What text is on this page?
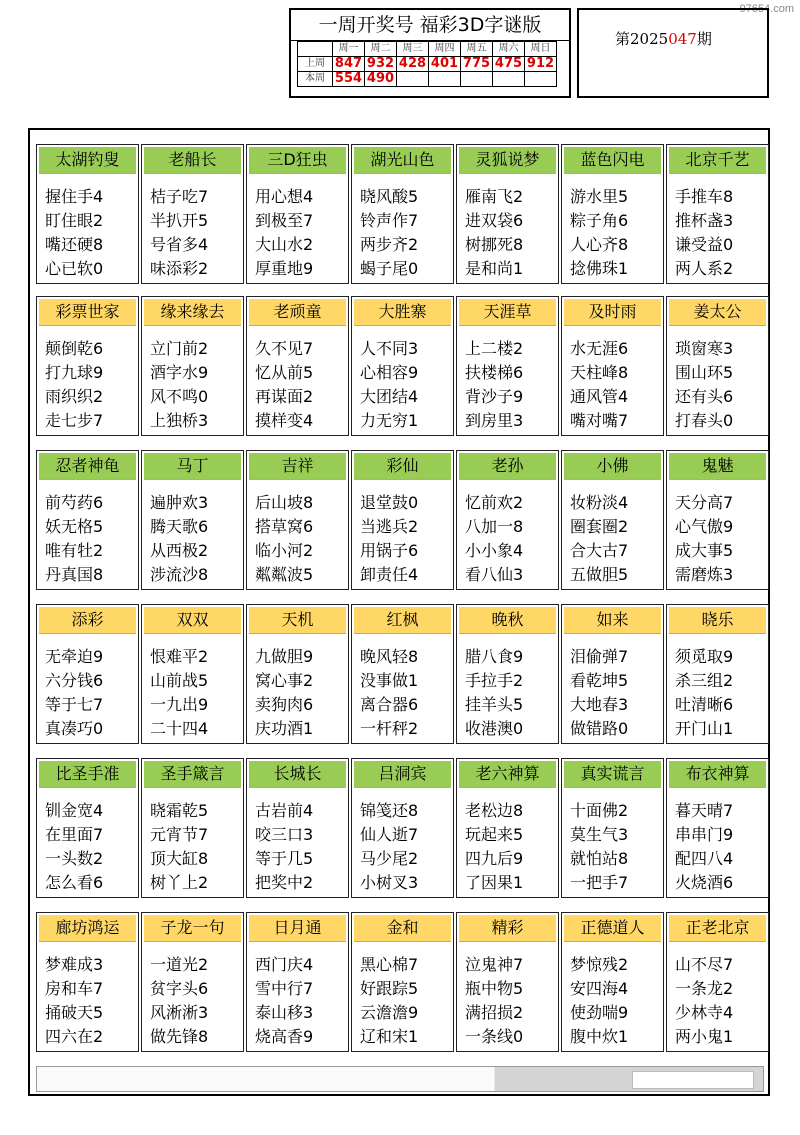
97654.com
一周开奖号 福彩3D字谜版
	周一	周二	周三	周四	周五	周六	周日
上周	847	932	428	401	775	475	912
本周	554	490					
第2025047期
太湖钓叟
握住手4
盯住眼2
嘴还硬8
心已软0
老船长
桔子吃7
半扒开5
号省多4
味添彩2
三D狂虫
用心想4
到极至7
大山水2
厚重地9
湖光山色
晓风酸5
铃声作7
两步齐2
蝎子尾0
灵狐说梦
雁南飞2
进双袋6
树挪死8
是和尚1
蓝色闪电
游水里5
粽子角6
人心齐8
捻佛珠1
北京千艺
手推车8
推杯盏3
谦受益0
两人系2
彩票世家
颠倒乾6
打九球9
雨织织2
走七步7
缘来缘去
立门前2
酒字水9
风不鸣0
上独桥3
老顽童
久不见7
忆从前5
再谋面2
摸样变4
大胜寨
人不同3
心相容9
大团结4
力无穷1
天涯草
上二楼2
扶楼梯6
背沙子9
到房里3
及时雨
水无涯6
天柱峰8
通风管4
嘴对嘴7
姜太公
琐窗寒3
围山环5
还有头6
打春头0
忍者神龟
前芍药6
妖无格5
唯有牡2
丹真国8
马丁
遍肿欢3
腾天歌6
从西极2
涉流沙8
吉祥
后山坡8
搭草窝6
临小河2
粼粼波5
彩仙
退堂鼓0
当逃兵2
用锅子6
卸责任4
老孙
忆前欢2
八加一8
小小象4
看八仙3
小佛
妆粉淡4
圈套圈2
合大古7
五做胆5
鬼魅
天分高7
心气傲9
成大事5
需磨炼3
添彩
无牵迫9
六分钱6
等于七7
真凑巧0
双双
恨难平2
山前战5
一九出9
二十四4
天机
九做胆9
窝心事2
卖狗肉6
庆功酒1
红枫
晚风轻8
没事做1
离合器6
一杆秤2
晚秋
腊八食9
手拉手2
挂羊头5
收港澳0
如来
泪偷弹7
看乾坤5
大地春3
做错路0
晓乐
须觅取9
杀三组2
吐清晰6
开门山1
比圣手准
钏金宽4
在里面7
一头数2
怎么看6
圣手箴言
晓霜乾5
元宵节7
顶大缸8
树丫上2
长城长
古岩前4
咬三口3
等于几5
把奖中2
吕洞宾
锦笺还8
仙人逝7
马少尾2
小树叉3
老六神算
老松边8
玩起来5
四九后9
了因果1
真实谎言
十面佛2
莫生气3
就怕站8
一把手7
布衣神算
暮天晴7
串串门9
配四八4
火烧酒6
廊坊鸿运
梦难成3
房和车7
捅破天5
四六在2
子龙一句
一道光2
贫字头6
风淅淅3
做先锋8
日月通
西门庆4
雪中行7
泰山移3
烧高香9
金和
黑心棉7
好跟踪5
云澹澹9
辽和宋1
精彩
泣鬼神7
瓶中物5
满招损2
一条线0
正德道人
梦惊残2
安四海4
使劲喘9
腹中炊1
正老北京
山不尽7
一条龙2
少林寺4
两小鬼1
